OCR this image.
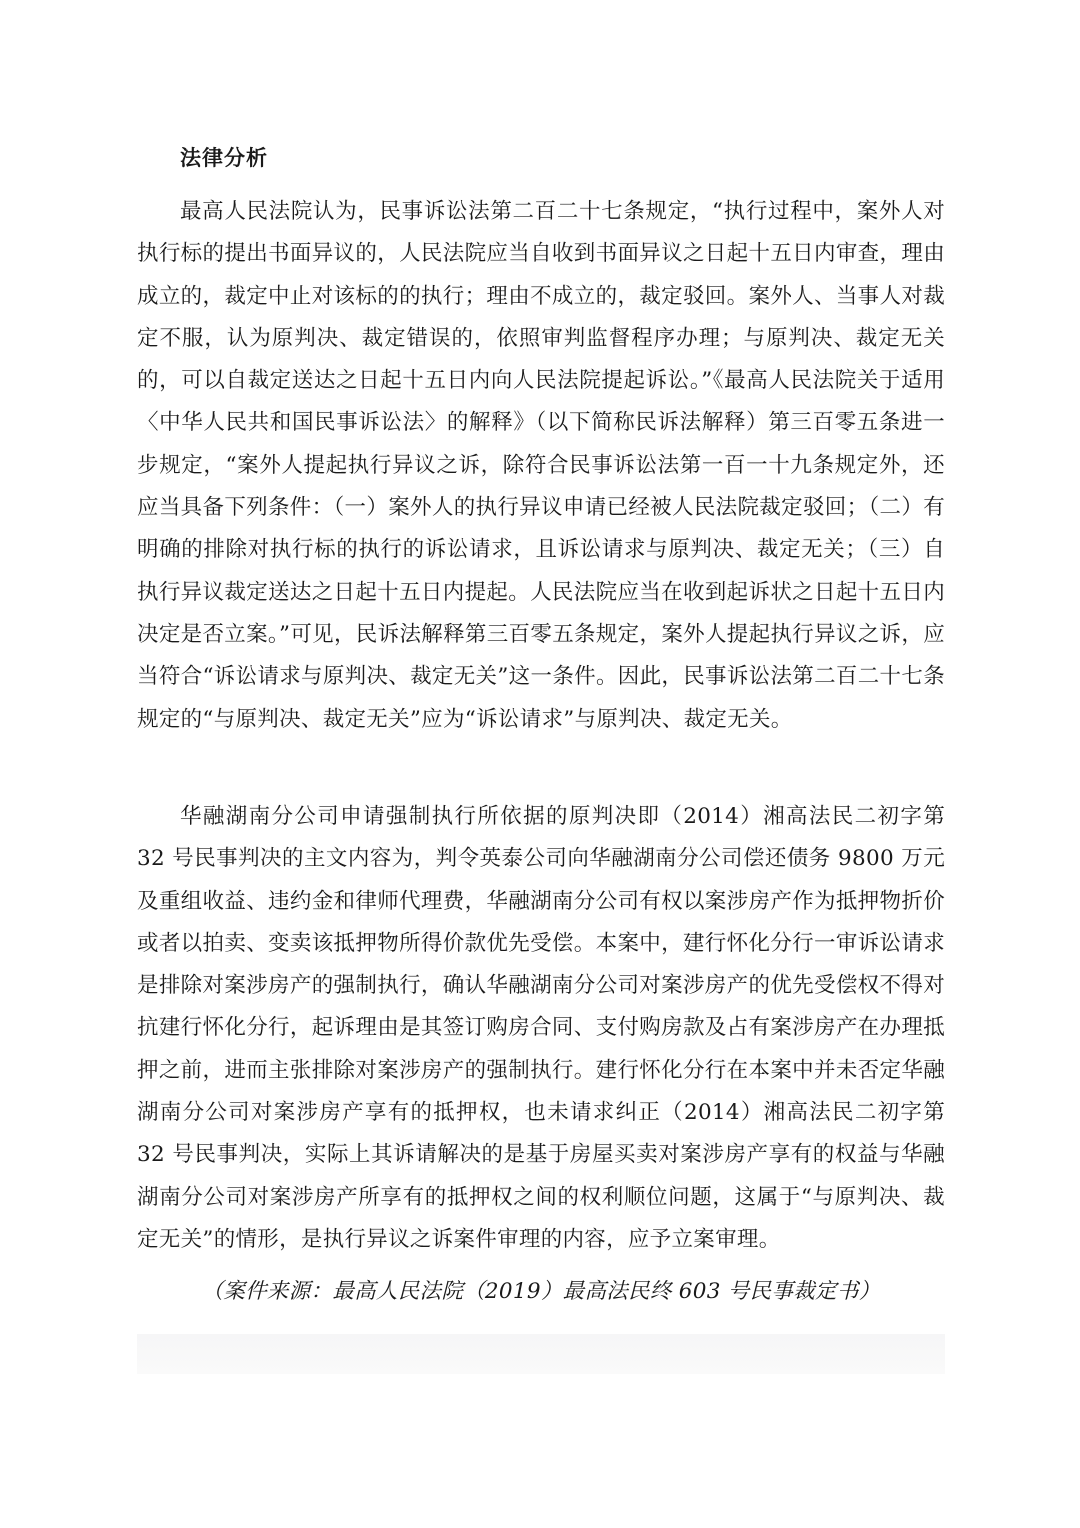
法律分析

最高人民法院认为，民事诉讼法第二百二十七条规定，“执行过程中，案外人对执行标的提出书面异议的，人民法院应当自收到书面异议之日起十五日内审查，理由成立的，裁定中止对该标的的执行；理由不成立的，裁定驳回。案外人、当事人对裁定不服，认为原判决、裁定错误的，依照审判监督程序办理；与原判决、裁定无关的，可以自裁定送达之日起十五日内向人民法院提起诉讼。”《最高人民法院关于适用〈中华人民共和国民事诉讼法〉的解释》（以下简称民诉法解释）第三百零五条进一步规定，“案外人提起执行异议之诉，除符合民事诉讼法第一百一十九条规定外，还应当具备下列条件：（一）案外人的执行异议申请已经被人民法院裁定驳回；（二）有明确的排除对执行标的执行的诉讼请求，且诉讼请求与原判决、裁定无关；（三）自执行异议裁定送达之日起十五日内提起。人民法院应当在收到起诉状之日起十五日内决定是否立案。”可见，民诉法解释第三百零五条规定，案外人提起执行异议之诉，应当符合“诉讼请求与原判决、裁定无关”这一条件。因此，民事诉讼法第二百二十七条规定的“与原判决、裁定无关”应为“诉讼请求”与原判决、裁定无关。

华融湖南分公司申请强制执行所依据的原判决即（2014）湘高法民二初字第 32 号民事判决的主文内容为，判令英泰公司向华融湖南分公司偿还债务 9800 万元及重组收益、违约金和律师代理费，华融湖南分公司有权以案涉房产作为抵押物折价或者以拍卖、变卖该抵押物所得价款优先受偿。本案中，建行怀化分行一审诉讼请求是排除对案涉房产的强制执行，确认华融湖南分公司对案涉房产的优先受偿权不得对抗建行怀化分行，起诉理由是其签订购房合同、支付购房款及占有案涉房产在办理抵押之前，进而主张排除对案涉房产的强制执行。建行怀化分行在本案中并未否定华融湖南分公司对案涉房产享有的抵押权，也未请求纠正（2014）湘高法民二初字第 32 号民事判决，实际上其诉请解决的是基于房屋买卖对案涉房产享有的权益与华融湖南分公司对案涉房产所享有的抵押权之间的权利顺位问题，这属于“与原判决、裁定无关”的情形，是执行异议之诉案件审理的内容，应予立案审理。

（案件来源：最高人民法院（2019）最高法民终 603 号民事裁定书）
